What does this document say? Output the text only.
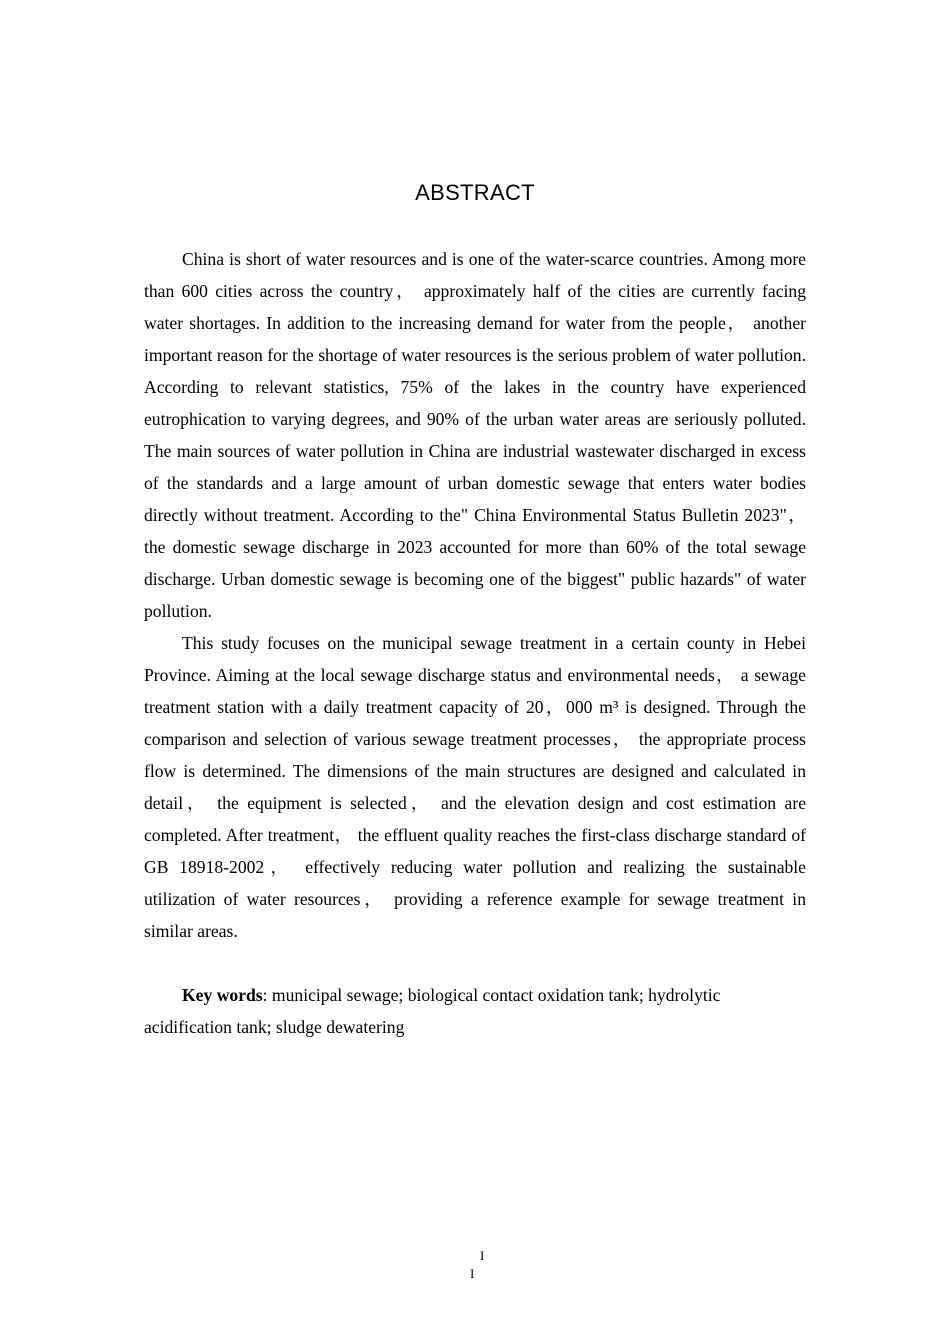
ABSTRACT

China is short of water resources and is one of the water-scarce countries. Among more than 600 cities across the country， approximately half of the cities are currently facing water shortages. In addition to the increasing demand for water from the people， another important reason for the shortage of water resources is the serious problem of water pollution. According to relevant statistics, 75% of the lakes in the country have experienced eutrophication to varying degrees, and 90% of the urban water areas are seriously polluted. The main sources of water pollution in China are industrial wastewater discharged in excess of the standards and a large amount of urban domestic sewage that enters water bodies directly without treatment. According to the" China Environmental Status Bulletin 2023"， the domestic sewage discharge in 2023 accounted for more than 60% of the total sewage discharge. Urban domestic sewage is becoming one of the biggest" public hazards" of water pollution.

This study focuses on the municipal sewage treatment in a certain county in Hebei Province. Aiming at the local sewage discharge status and environmental needs， a sewage treatment station with a daily treatment capacity of 20，000 m³ is designed. Through the comparison and selection of various sewage treatment processes， the appropriate process flow is determined. The dimensions of the main structures are designed and calculated in detail， the equipment is selected， and the elevation design and cost estimation are completed. After treatment， the effluent quality reaches the first-class discharge standard of GB 18918-2002， effectively reducing water pollution and realizing the sustainable utilization of water resources， providing a reference example for sewage treatment in similar areas.

Key words: municipal sewage; biological contact oxidation tank; hydrolytic acidification tank; sludge dewatering

I
I
